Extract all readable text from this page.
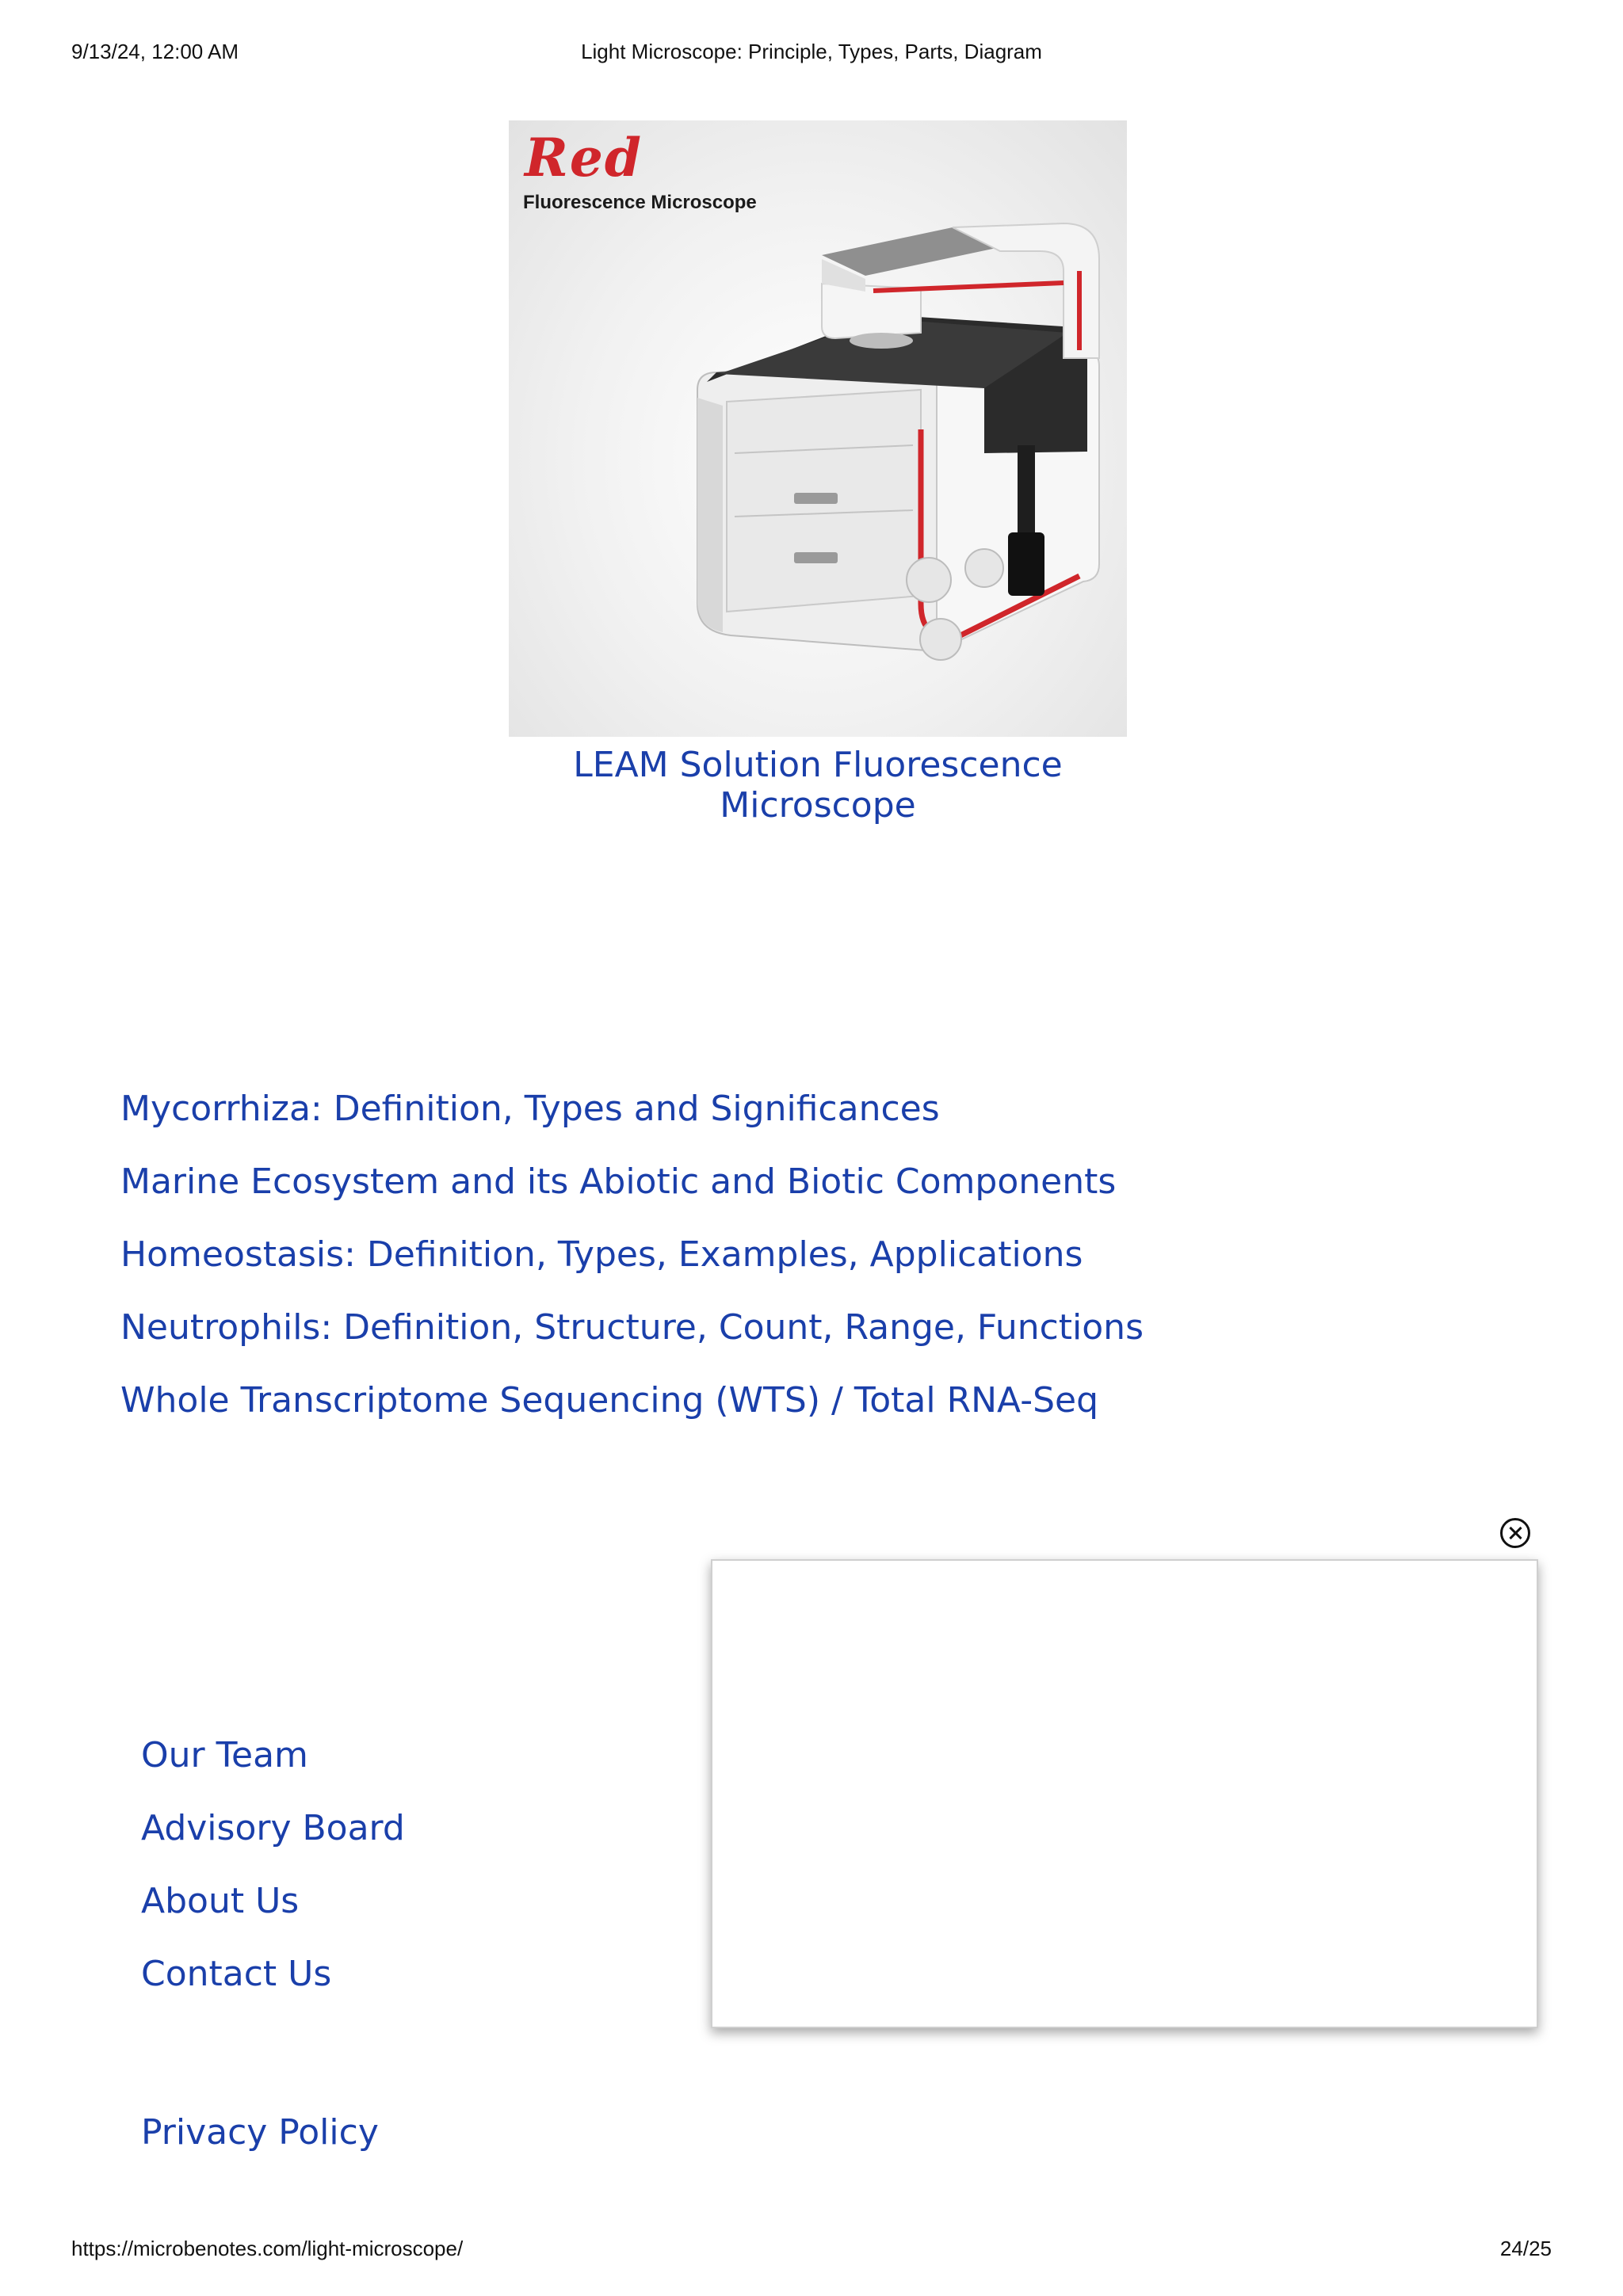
9/13/24, 12:00 AM	Light Microscope: Principle, Types, Parts, Diagram
Red
Fluorescence Microscope
LEAM Solution Fluorescence Microscope
Mycorrhiza: Definition, Types and Significances
Marine Ecosystem and its Abiotic and Biotic Components
Homeostasis: Definition, Types, Examples, Applications
Neutrophils: Definition, Structure, Count, Range, Functions
Whole Transcriptome Sequencing (WTS) / Total RNA-Seq
Our Team
Advisory Board
About Us
Contact Us
Privacy Policy
https://microbenotes.com/light-microscope/	24/25
